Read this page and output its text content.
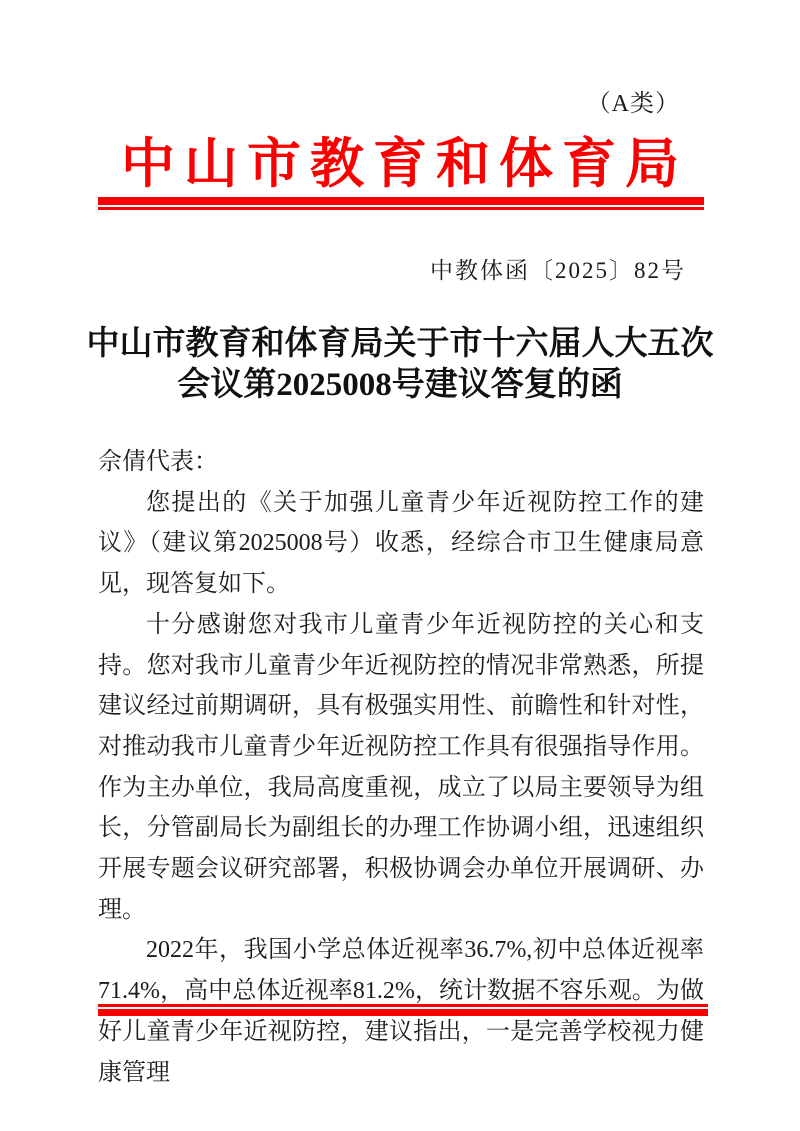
（A类）
中山市教育和体育局
中教体函〔2025〕82号
中山市教育和体育局关于市十六届人大五次
会议第2025008号建议答复的函

佘倩代表：

您提出的《关于加强儿童青少年近视防控工作的建议》（建议第2025008号）收悉，经综合市卫生健康局意见，现答复如下。

十分感谢您对我市儿童青少年近视防控的关心和支持。您对我市儿童青少年近视防控的情况非常熟悉，所提建议经过前期调研，具有极强实用性、前瞻性和针对性，对推动我市儿童青少年近视防控工作具有很强指导作用。作为主办单位，我局高度重视，成立了以局主要领导为组长，分管副局长为副组长的办理工作协调小组，迅速组织开展专题会议研究部署，积极协调会办单位开展调研、办理。

2022年，我国小学总体近视率36.7%,初中总体近视率71.4%，高中总体近视率81.2%，统计数据不容乐观。为做好儿童青少年近视防控，建议指出，一是完善学校视力健康管理
